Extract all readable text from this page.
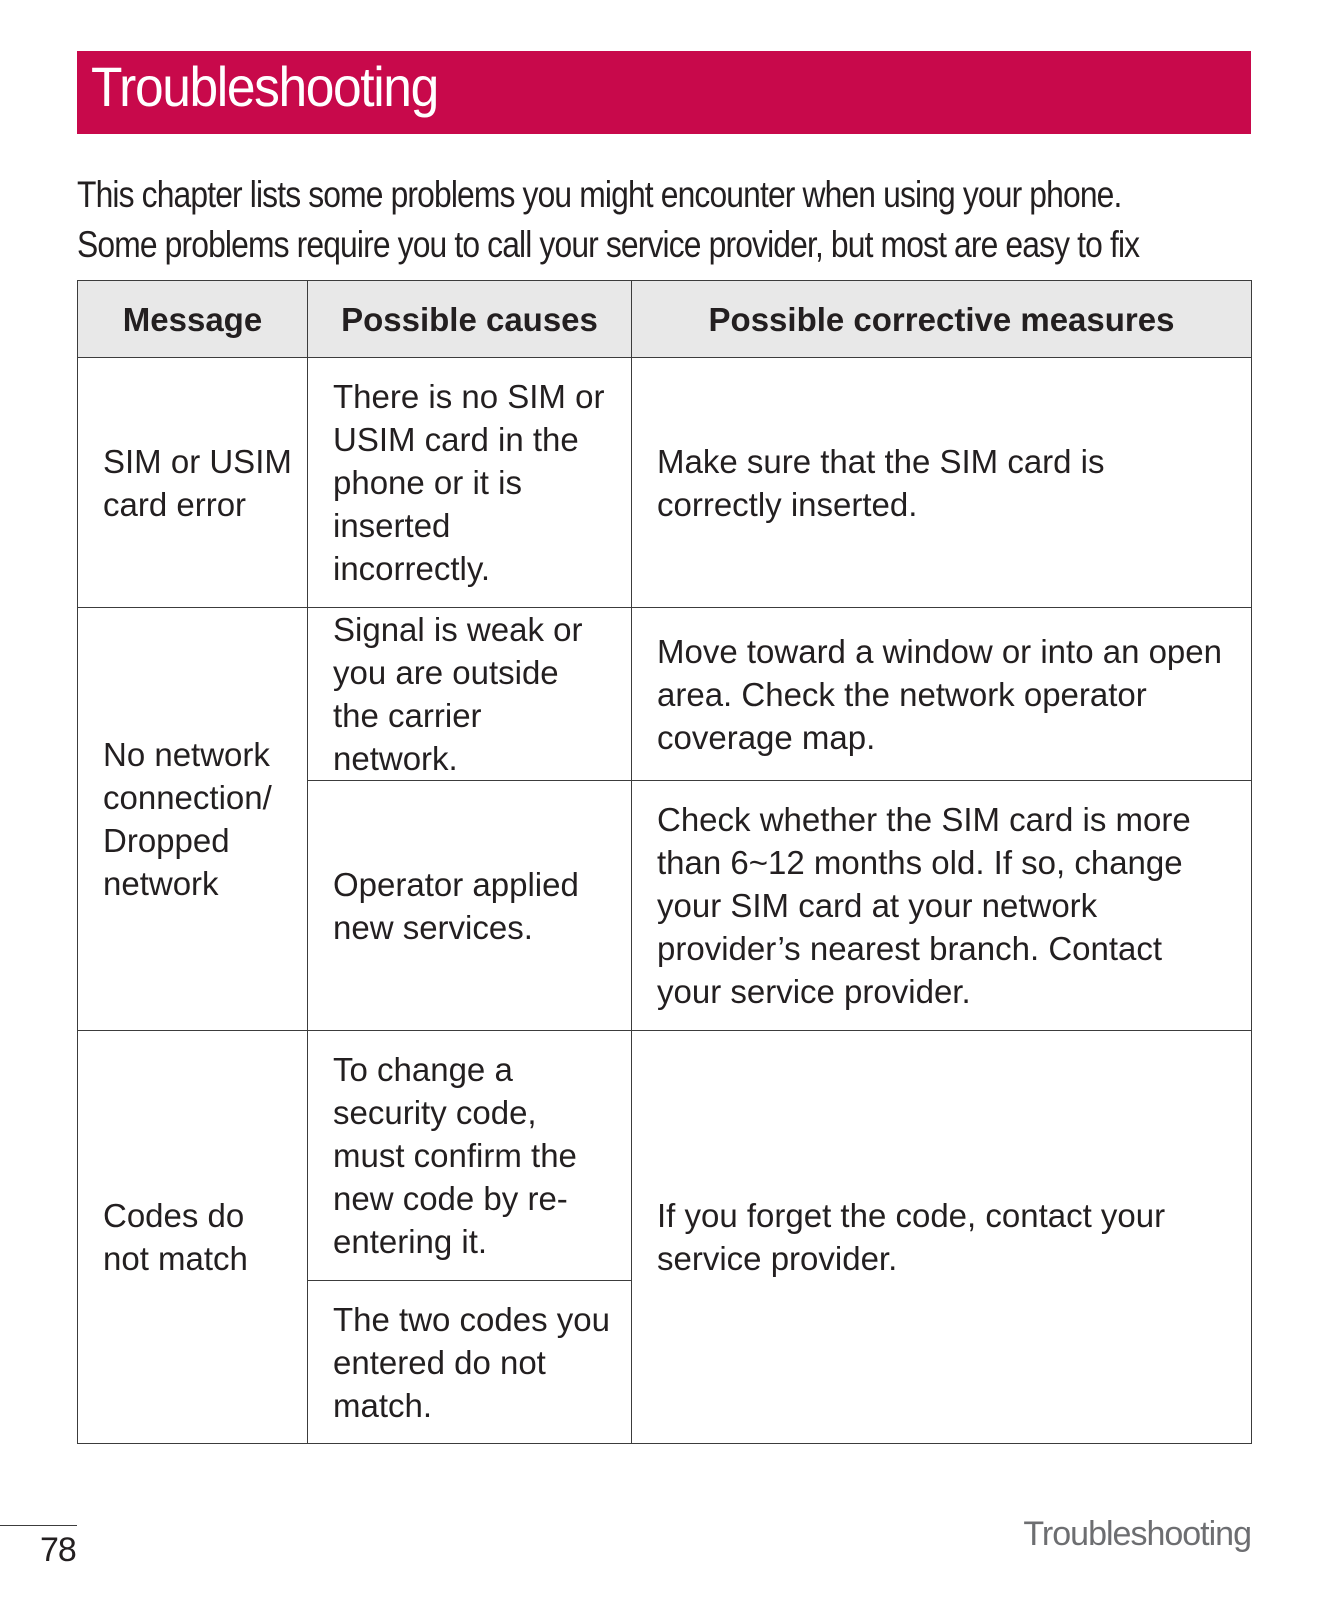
Troubleshooting

This chapter lists some problems you might encounter when using your phone. Some problems require you to call your service provider, but most are easy to fix

Message	Possible causes	Possible corrective measures
SIM or USIM card error	There is no SIM or USIM card in the phone or it is inserted incorrectly.	Make sure that the SIM card is correctly inserted.
No network connection/ Dropped network	Signal is weak or you are outside the carrier network.	Move toward a window or into an open area. Check the network operator coverage map.
	Operator applied new services.	Check whether the SIM card is more than 6~12 months old. If so, change your SIM card at your network provider’s nearest branch. Contact your service provider.
Codes do not match	To change a security code, must confirm the new code by re-entering it.	If you forget the code, contact your service provider.
	The two codes you entered do not match.	
78	Troubleshooting
